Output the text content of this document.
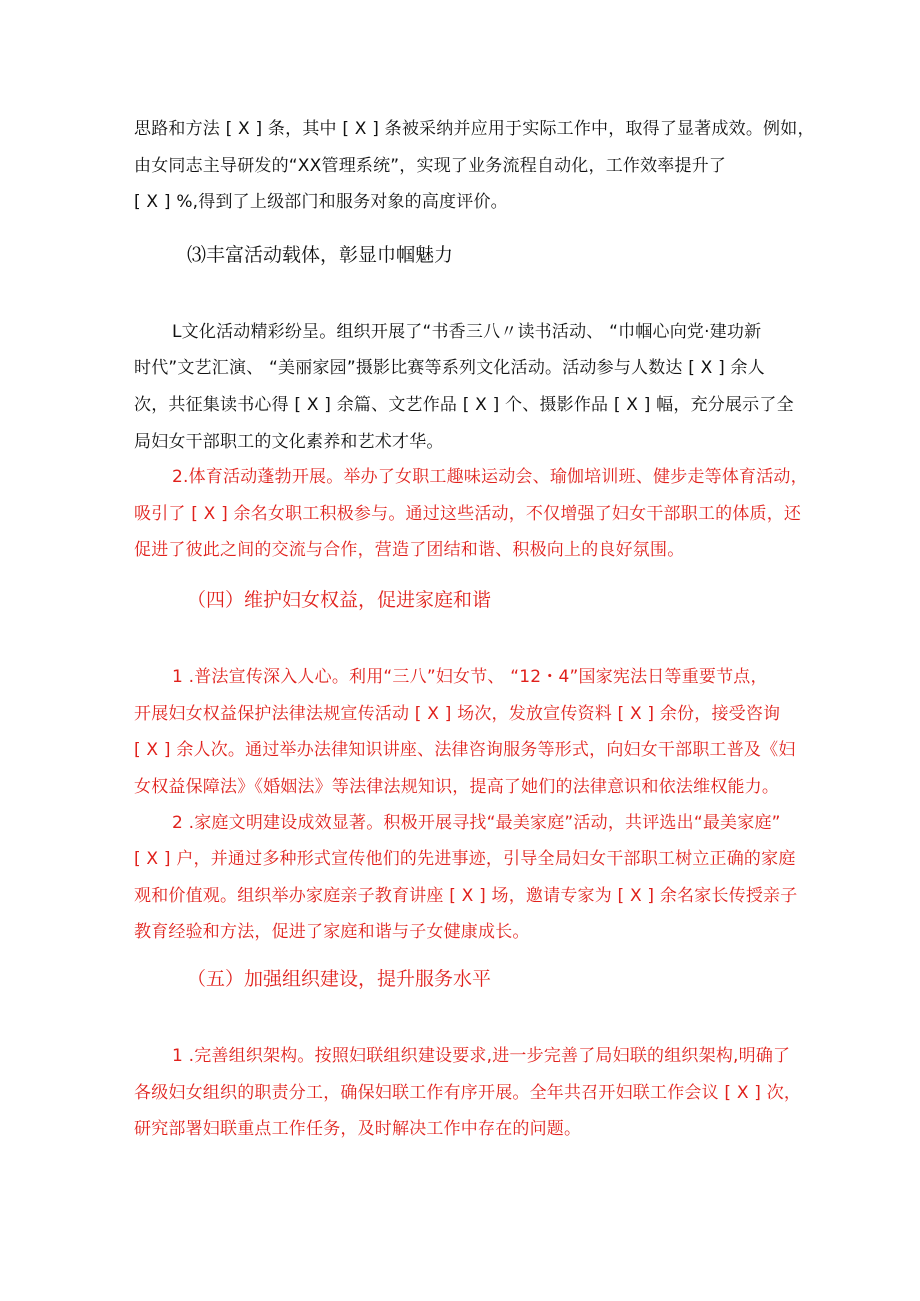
思路和方法 [ X ] 条，其中 [ X ] 条被采纳并应用于实际工作中，取得了显著成效。例如，
由女同志主导研发的“XX管理系统”，实现了业务流程自动化，工作效率提升了
[ X ] %,得到了上级部门和服务对象的高度评价。
⑶丰富活动载体，彰显巾帼魅力
L文化活动精彩纷呈。组织开展了“书香三八〃读书活动、 “巾帼心向党·建功新
时代”文艺汇演、 “美丽家园”摄影比赛等系列文化活动。活动参与人数达 [ X ] 余人
次，共征集读书心得 [ X ] 余篇、文艺作品 [ X ] 个、摄影作品 [ X ] 幅，充分展示了全
局妇女干部职工的文化素养和艺术才华。
2.体育活动蓬勃开展。举办了女职工趣味运动会、瑜伽培训班、健步走等体育活动，
吸引了 [ X ] 余名女职工积极参与。通过这些活动，不仅增强了妇女干部职工的体质，还
促进了彼此之间的交流与合作，营造了团结和谐、积极向上的良好氛围。
（四）维护妇女权益，促进家庭和谐
1 .普法宣传深入人心。利用“三八”妇女节、 “12・4”国家宪法日等重要节点，
开展妇女权益保护法律法规宣传活动 [ X ] 场次，发放宣传资料 [ X ] 余份，接受咨询
[ X ] 余人次。通过举办法律知识讲座、法律咨询服务等形式，向妇女干部职工普及《妇
女权益保障法》《婚姻法》等法律法规知识，提高了她们的法律意识和依法维权能力。
2 .家庭文明建设成效显著。积极开展寻找“最美家庭”活动，共评选出“最美家庭”
[ X ] 户，并通过多种形式宣传他们的先进事迹，引导全局妇女干部职工树立正确的家庭
观和价值观。组织举办家庭亲子教育讲座 [ X ] 场，邀请专家为 [ X ] 余名家长传授亲子
教育经验和方法，促进了家庭和谐与子女健康成长。
（五）加强组织建设，提升服务水平
1 .完善组织架构。按照妇联组织建设要求,进一步完善了局妇联的组织架构,明确了
各级妇女组织的职责分工，确保妇联工作有序开展。全年共召开妇联工作会议 [ X ] 次，
研究部署妇联重点工作任务，及时解决工作中存在的问题。
